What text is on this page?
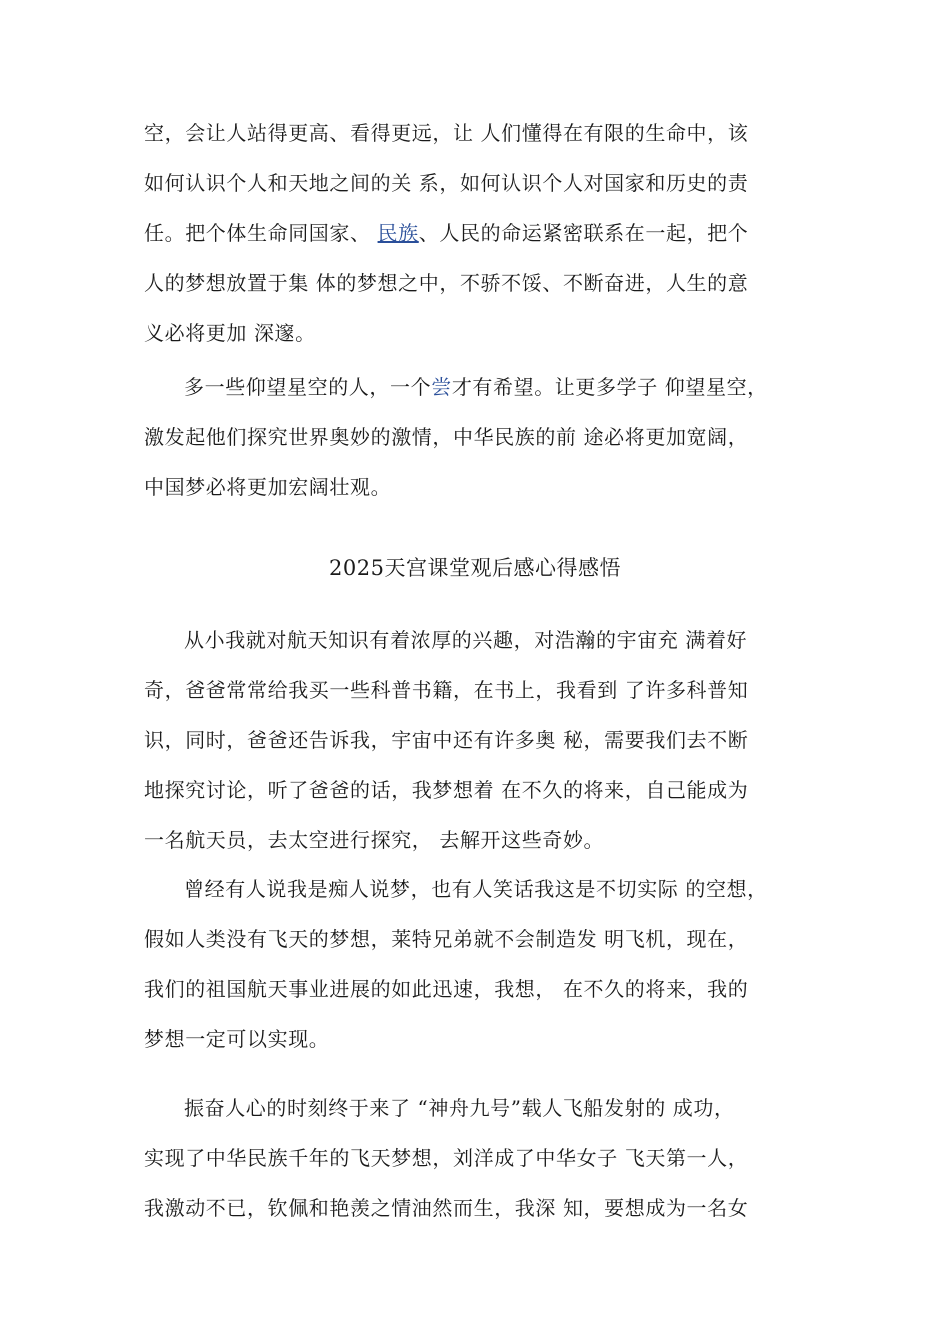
空，会让人站得更高、看得更远，让 人们懂得在有限的生命中，该
如何认识个人和天地之间的关 系，如何认识个人对国家和历史的责
任。把个体生命同国家、 民族、人民的命运紧密联系在一起，把个
人的梦想放置于集 体的梦想之中，不骄不馁、不断奋进，人生的意
义必将更加 深邃。
多一些仰望星空的人，一个尝才有希望。让更多学子 仰望星空，
激发起他们探究世界奥妙的激情，中华民族的前 途必将更加宽阔，
中国梦必将更加宏阔壮观。
2025天宫课堂观后感心得感悟
从小我就对航天知识有着浓厚的兴趣，对浩瀚的宇宙充 满着好
奇，爸爸常常给我买一些科普书籍，在书上，我看到 了许多科普知
识，同时，爸爸还告诉我，宇宙中还有许多奥 秘，需要我们去不断
地探究讨论，听了爸爸的话，我梦想着 在不久的将来，自己能成为
一名航天员，去太空进行探究， 去解开这些奇妙。
曾经有人说我是痴人说梦，也有人笑话我这是不切实际 的空想，
假如人类没有飞天的梦想，莱特兄弟就不会制造发 明飞机，现在，
我们的祖国航天事业进展的如此迅速，我想， 在不久的将来，我的
梦想一定可以实现。
振奋人心的时刻终于来了 “神舟九号”载人飞船发射的 成功，
实现了中华民族千年的飞天梦想，刘洋成了中华女子 飞天第一人，
我激动不已，钦佩和艳羡之情油然而生，我深 知，要想成为一名女
